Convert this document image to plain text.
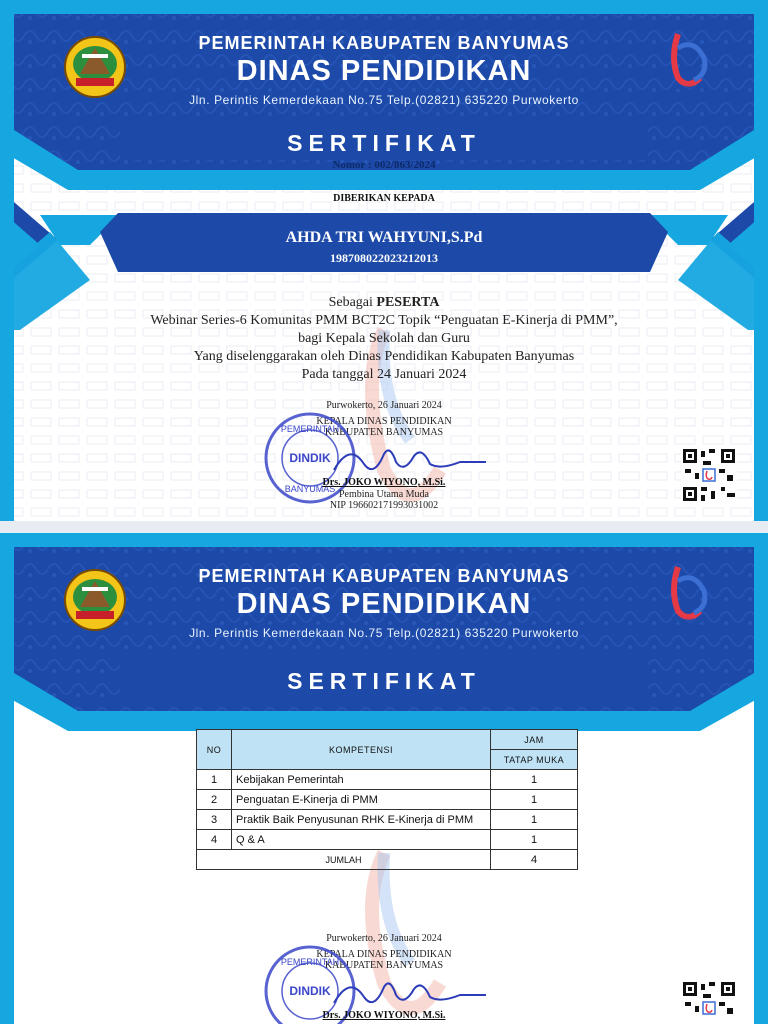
BANYUMAS
CERDIKAN
PEMERINTAH KABUPATEN BANYUMAS
DINAS PENDIDIKAN
Jln. Perintis Kemerdekaan No.75 Telp.(02821) 635220 Purwokerto
SERTIFIKAT
Nomor : 002/863/2024
DIBERIKAN KEPADA
AHDA TRI WAHYUNI,S.Pd
198708022023212013
Sebagai PESERTA
Webinar Series-6 Komunitas PMM BCT2C Topik “Penguatan E-Kinerja di PMM”,
bagi Kepala Sekolah dan Guru
Yang diselenggarakan oleh Dinas Pendidikan Kabupaten Banyumas
Pada tanggal 24 Januari 2024
Purwokerto, 26 Januari 2024
KEPALA DINAS PENDIDIKAN
KABUPATEN BANYUMAS
PEMERINTAH
DINDIK
BANYUMAS
Drs. JOKO WIYONO, M.Si.
Pembina Utama Muda
NIP 196602171993031002
BANYUMAS
CERDIKAN
PEMERINTAH KABUPATEN BANYUMAS
DINAS PENDIDIKAN
Jln. Perintis Kemerdekaan No.75 Telp.(02821) 635220 Purwokerto
SERTIFIKAT
NO	KOMPETENSI	JAM
		TATAP MUKA
1	Kebijakan Pemerintah	1
2	Penguatan E-Kinerja di PMM	1
3	Praktik Baik Penyusunan RHK E-Kinerja di PMM	1
4	Q & A	1
JUMLAH		4
Purwokerto, 26 Januari 2024
KEPALA DINAS PENDIDIKAN
KABUPATEN BANYUMAS
PEMERINTAH
DINDIK
Drs. JOKO WIYONO, M.Si.
